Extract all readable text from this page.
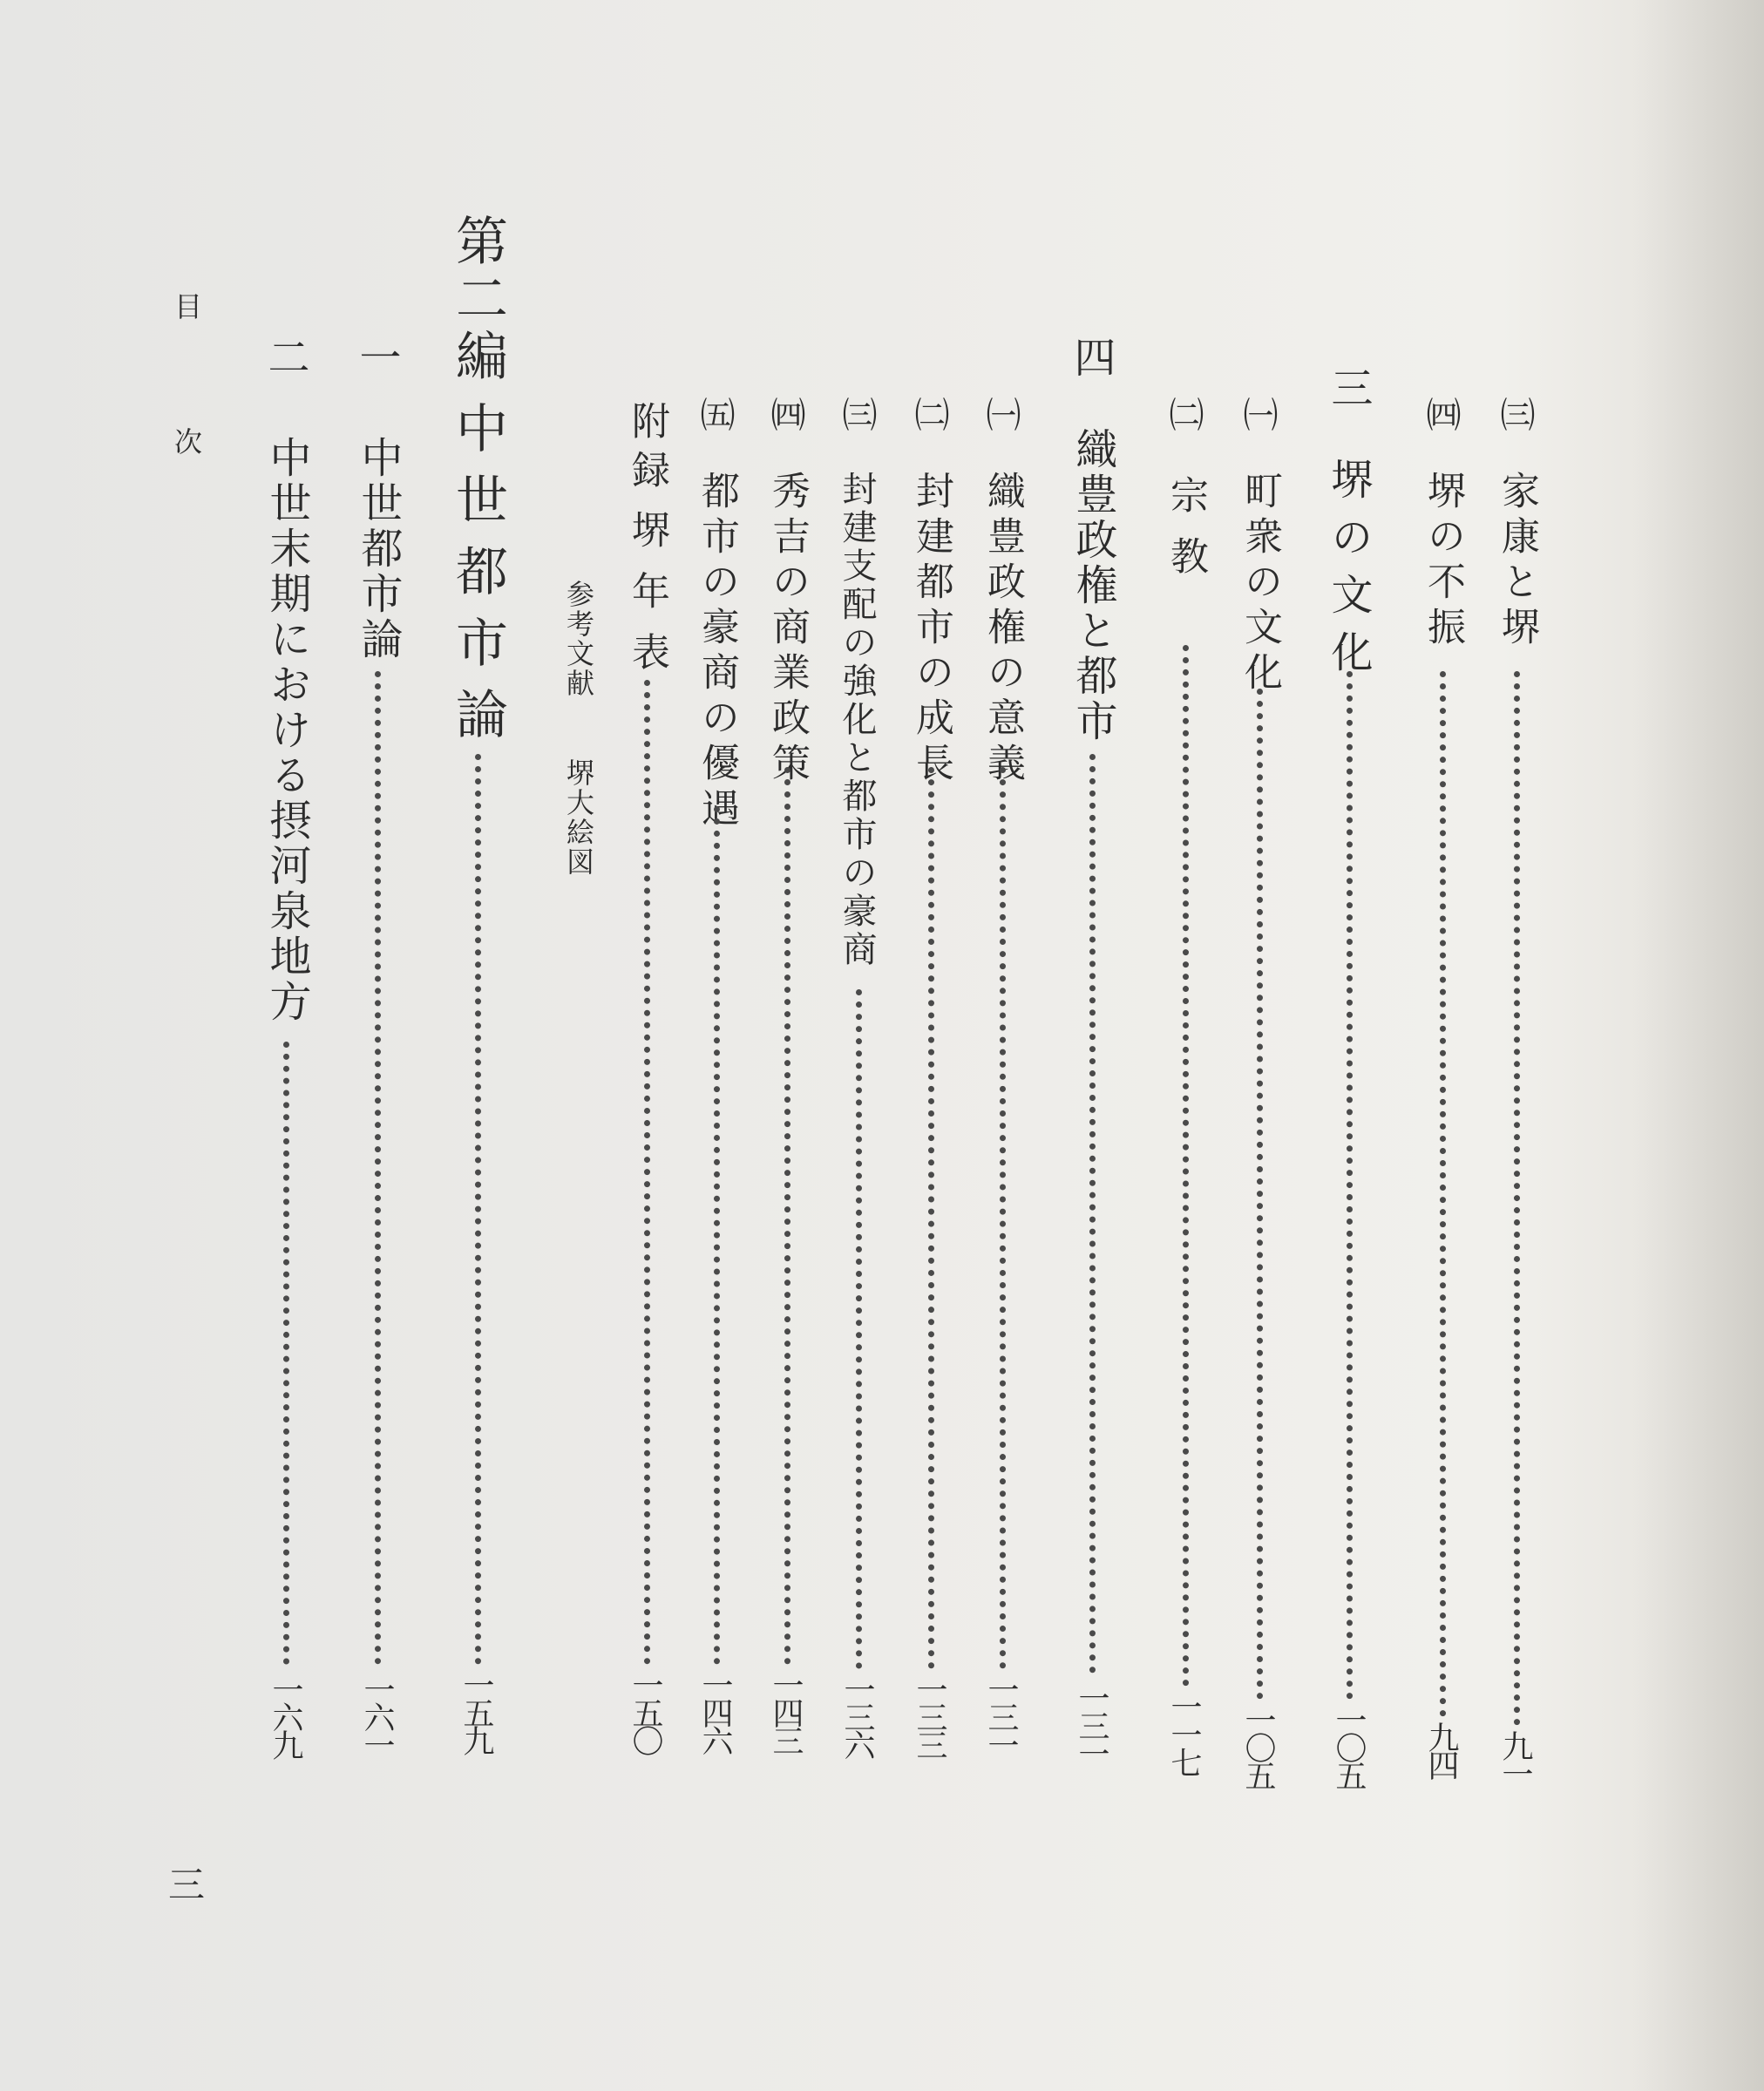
㈢
家康と堺
九一
㈣
堺の不振
九四
三
堺の文化
一〇五
㈠
町衆の文化
一〇五
㈡
宗教
一一七
四
織豊政権と都市
一三一
㈠
織豊政権の意義
一三一
㈡
封建都市の成長
一三三
㈢
封建支配の強化と都市の豪商
一三六
㈣
秀吉の商業政策
一四三
㈤
都市の豪商の優遇
一四六
附録
堺年表
一五〇
参考文献
堺大絵図
第二編
中世都市論
一五九
一
中世都市論
一六一
二
中世末期における摂河泉地方
一六九
目
次
三
